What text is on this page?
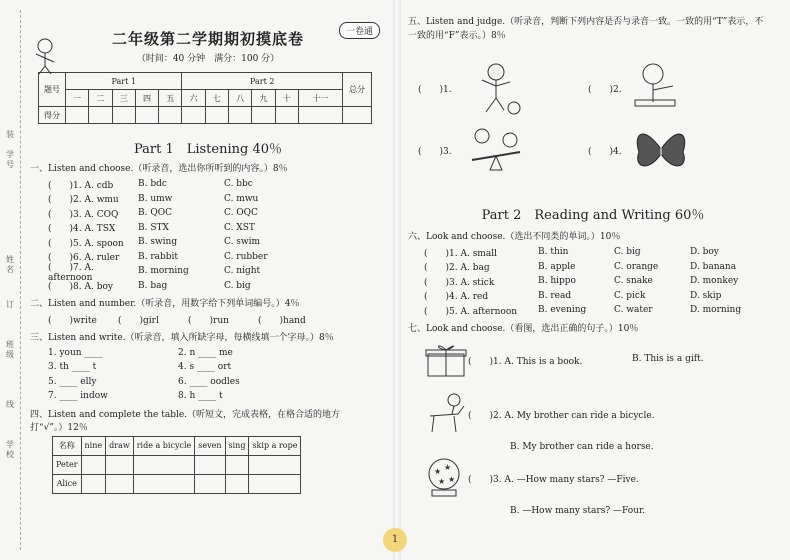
装
学号
姓名
订
班级
线
学校
一卷通
二年级第二学期期初摸底卷
（时间：40 分钟　满分：100 分）
题号	Part 1					Part 2						总分
	一	二	三	四	五	六	七	八	九	十	十一	
得分												
Part 1　Listening 40％
一、Listen and choose.（听录音，选出你所听到的内容。）8％
(　　)1. A. cdb	B. bdc	C. bbc
(　　)2. A. wmu	B. umw	C. mwu
(　　)3. A. COQ	B. QOC	C. OQC
(　　)4. A. TSX	B. STX	C. XST
(　　)5. A. spoon	B. swing	C. swim
(　　)6. A. ruler	B. rabbit	C. rubber
(　　)7. A. afternoon
B. morning	C. night
(　　)8. A. boy	B. bag	C. big
二、Listen and number.（听录音，用数字给下列单词编号。）4％
(　　)write	(　　)girl	(　　)run	(　　)hand
三、Listen and write.（听录音，填入所缺字母，每横线填一个字母。）8％
1. youn ____	2. n ____ me
3. th ____ t	4. s ____ ort
5. ____ elly	6. ____ oodles
7. ____ indow	8. h ____ t
四、Listen and complete the table.（听短文，完成表格，在格合适的地方打“√”。）12％
名称	nine	draw	ride a bicycle	seven	sing	skip a rope
Peter						
Alice						
五、Listen and judge.（听录音，判断下列内容是否与录音一致。一致的用“T”表示，不一致的用“F”表示。）8％
(　　)1.	(　　)2.
(　　)3.	(　　)4.
Part 2　Reading and Writing 60％
六、Look and choose.（选出不同类的单词。）10％
(　　)1. A. small	B. thin	C. big	D. boy
(　　)2. A. bag	B. apple	C. orange	D. banana
(　　)3. A. stick	B. hippo	C. snake	D. monkey
(　　)4. A. red	B. read	C. pick	D. skip
(　　)5. A. afternoon	B. evening	C. water	D. morning
七、Look and choose.（看图，选出正确的句子。）10％
(　　)1. A. This is a book.	B. This is a gift.
(　　)2. A. My brother can ride a bicycle.
B. My brother can ride a horse.
★ ★
★ ★ (　　)3. A. —How many stars? —Five.
B. —How many stars? —Four.
1
